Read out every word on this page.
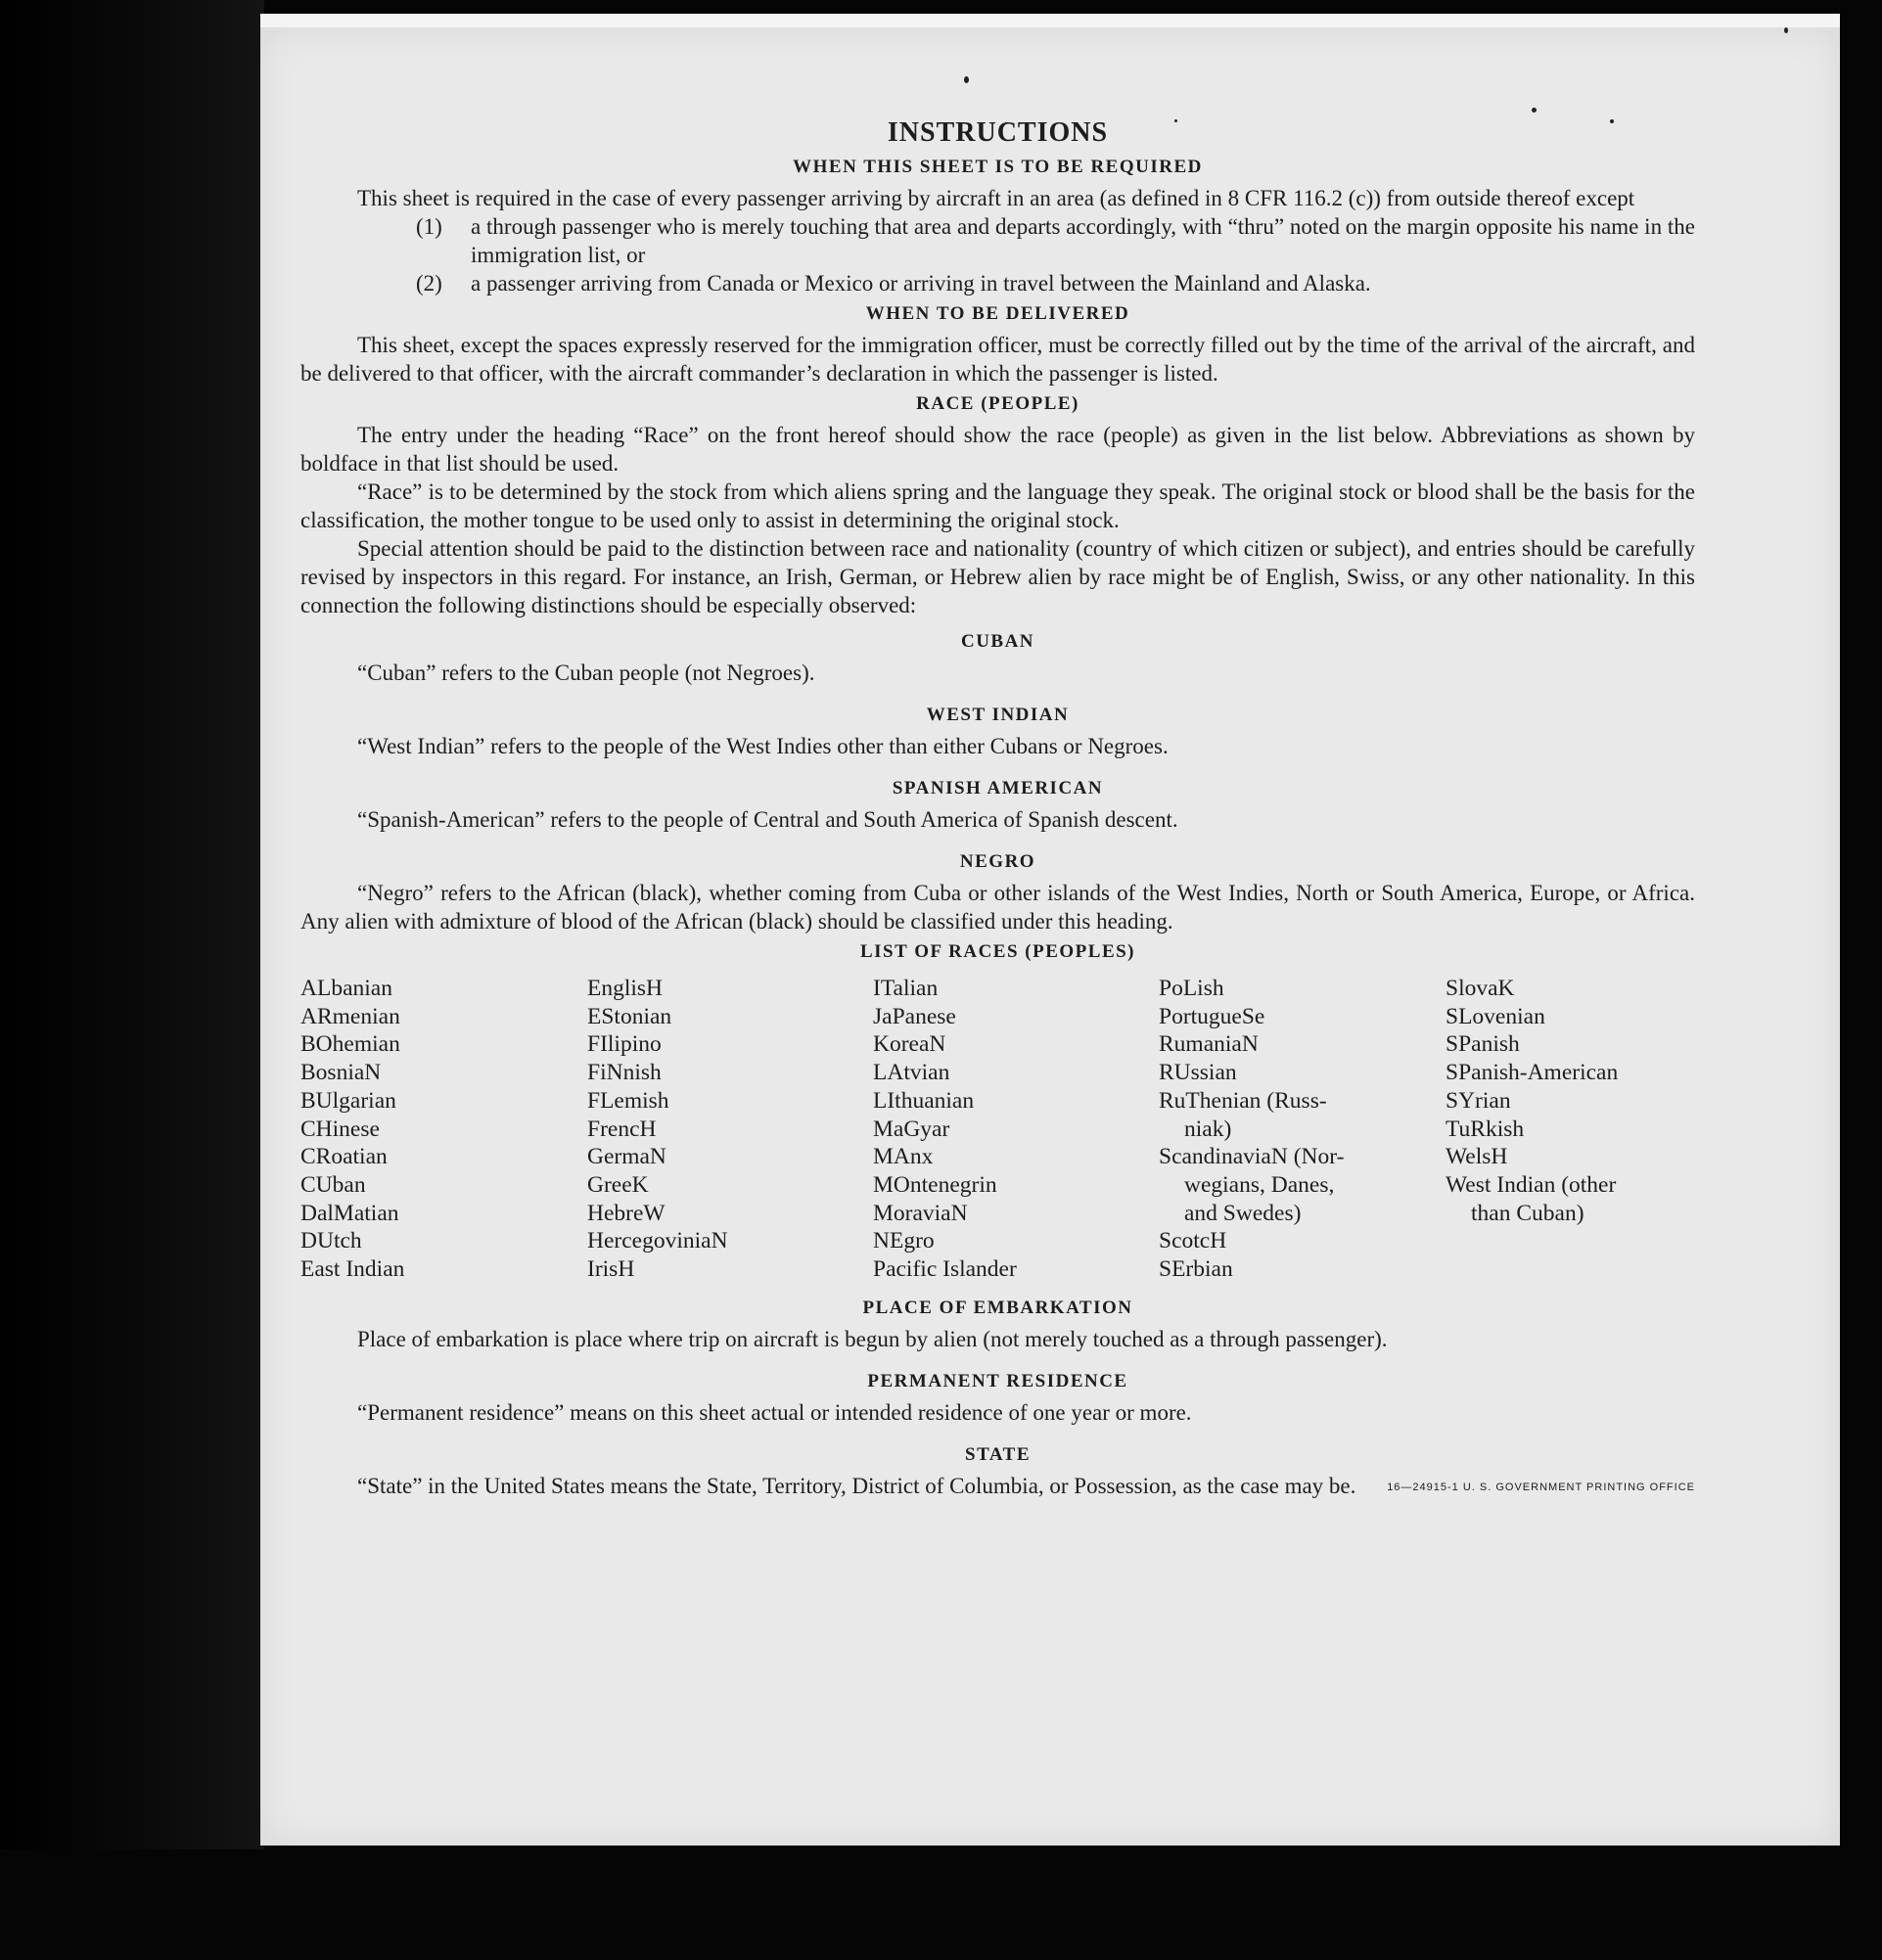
INSTRUCTIONS
WHEN THIS SHEET IS TO BE REQUIRED

This sheet is required in the case of every passenger arriving by aircraft in an area (as defined in 8 CFR 116.2 (c)) from outside thereof except

(1)	a through passenger who is merely touching that area and departs accordingly, with “thru” noted on the margin opposite his name in the immigration list, or
(2)	a passenger arriving from Canada or Mexico or arriving in travel between the Mainland and Alaska.
WHEN TO BE DELIVERED

This sheet, except the spaces expressly reserved for the immigration officer, must be correctly filled out by the time of the arrival of the aircraft, and be delivered to that officer, with the aircraft commander’s declaration in which the passenger is listed.

RACE (PEOPLE)

The entry under the heading “Race” on the front hereof should show the race (people) as given in the list below. Abbreviations as shown by boldface in that list should be used.

“Race” is to be determined by the stock from which aliens spring and the language they speak. The original stock or blood shall be the basis for the classification, the mother tongue to be used only to assist in determining the original stock.

Special attention should be paid to the distinction between race and nationality (country of which citizen or subject), and entries should be carefully revised by inspectors in this regard. For instance, an Irish, German, or Hebrew alien by race might be of English, Swiss, or any other nationality. In this connection the following distinctions should be especially observed:

CUBAN

“Cuban” refers to the Cuban people (not Negroes).

WEST INDIAN

“West Indian” refers to the people of the West Indies other than either Cubans or Negroes.

SPANISH AMERICAN

“Spanish-American” refers to the people of Central and South America of Spanish descent.

NEGRO

“Negro” refers to the African (black), whether coming from Cuba or other islands of the West Indies, North or South America, Europe, or Africa. Any alien with admixture of blood of the African (black) should be classified under this heading.

LIST OF RACES (PEOPLES)
ALbanian
ARmenian
BOhemian
BosniaN
BUlgarian
CHinese
CRoatian
CUban
DalMatian
DUtch
East Indian
EnglisH
EStonian
FIlipino
FiNnish
FLemish
FrencH
GermaN
GreeK
HebreW
HercegoviniaN
IrisH
ITalian
JaPanese
KoreaN
LAtvian
LIthuanian
MaGyar
MAnx
MOntenegrin
MoraviaN
NEgro
Pacific Islander
PoLish
PortugueSe
RumaniaN
RUssian
RuThenian (Russ-
niak)
ScandinaviaN (Nor-
wegians, Danes,
and Swedes)
ScotcH
SErbian
SlovaK
SLovenian
SPanish
SPanish-American
SYrian
TuRkish
WelsH
West Indian (other
than Cuban)
PLACE OF EMBARKATION

Place of embarkation is place where trip on aircraft is begun by alien (not merely touched as a through passenger).

PERMANENT RESIDENCE

“Permanent residence” means on this sheet actual or intended residence of one year or more.

STATE

“State” in the United States means the State, Territory, District of Columbia, or Possession, as the case may be.	16—24915‑1 U. S. GOVERNMENT PRINTING OFFICE
